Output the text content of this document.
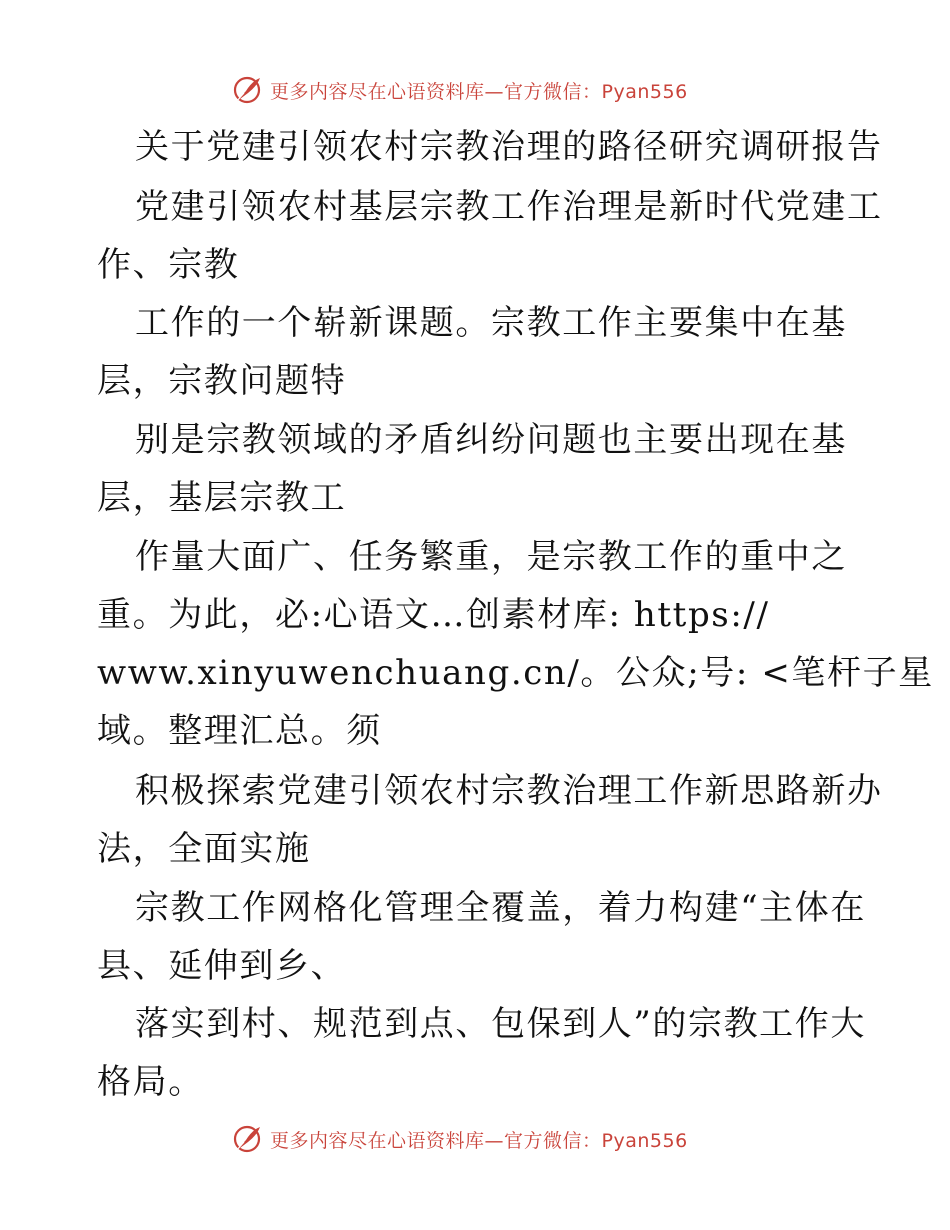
更多内容尽在心语资料库—官方微信：Pyan556

关于党建引领农村宗教治理的路径研究调研报告

党建引领农村基层宗教工作治理是新时代党建工

作、宗教

工作的一个崭新课题。宗教工作主要集中在基

层，宗教问题特

别是宗教领域的矛盾纠纷问题也主要出现在基

层，基层宗教工

作量大面广、任务繁重，是宗教工作的重中之

重。为此，必:心语文…创素材库: https://

www.xinyuwenchuang.cn/。公众;号: <笔杆子星

域。整理汇总。须

积极探索党建引领农村宗教治理工作新思路新办

法，全面实施

宗教工作网格化管理全覆盖，着力构建“主体在

县、延伸到乡、

落实到村、规范到点、包保到人”的宗教工作大

格局。

更多内容尽在心语资料库—官方微信：Pyan556
